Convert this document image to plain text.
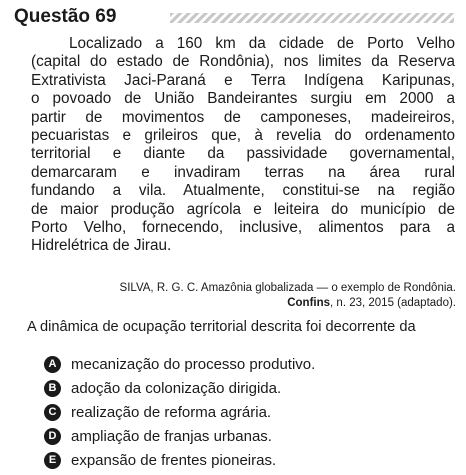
Questão 69
Localizado a 160 km da cidade de Porto Velho
(capital do estado de Rondônia), nos limites da Reserva
Extrativista Jaci-Paraná e Terra Indígena Karipunas,
o povoado de União Bandeirantes surgiu em 2000 a
partir de movimentos de camponeses, madeireiros,
pecuaristas e grileiros que, à revelia do ordenamento
territorial e diante da passividade governamental,
demarcaram e invadiram terras na área rural
fundando a vila. Atualmente, constitui-se na região
de maior produção agrícola e leiteira do município de
Porto Velho, fornecendo, inclusive, alimentos para a
Hidrelétrica de Jirau.
SILVA, R. G. C. Amazônia globalizada — o exemplo de Rondônia.
Confins, n. 23, 2015 (adaptado).
A dinâmica de ocupação territorial descrita foi decorrente da
A mecanização do processo produtivo.
B adoção da colonização dirigida.
C realização de reforma agrária.
D ampliação de franjas urbanas.
E expansão de frentes pioneiras.
